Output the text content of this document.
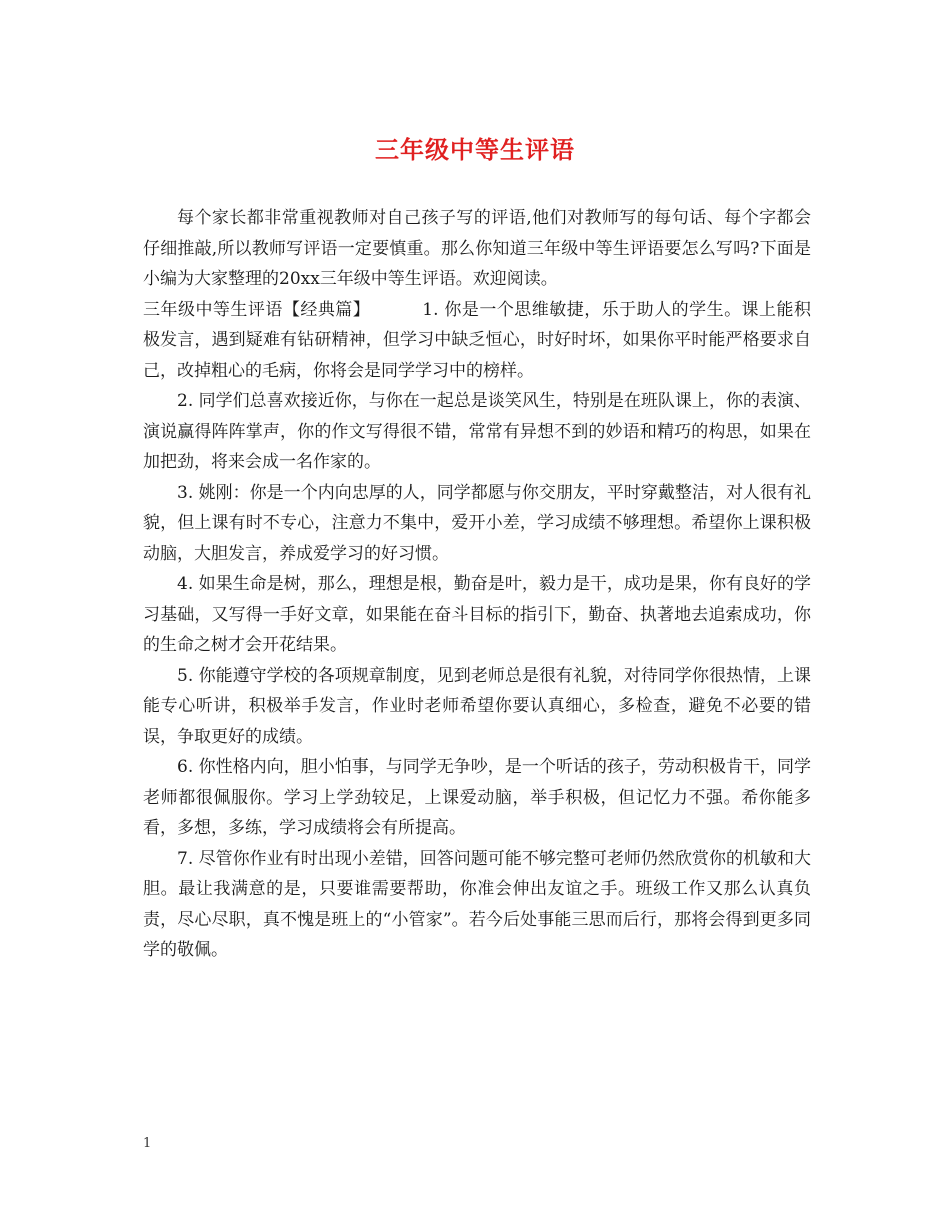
三年级中等生评语

每个家长都非常重视教师对自己孩子写的评语,他们对教师写的每句话、每个字都会仔细推敲,所以教师写评语一定要慎重。那么你知道三年级中等生评语要怎么写吗?下面是小编为大家整理的20xx三年级中等生评语。欢迎阅读。

三年级中等生评语【经典篇】	1. 你是一个思维敏捷，乐于助人的学生。课上能积极发言，遇到疑难有钻研精神，但学习中缺乏恒心，时好时坏，如果你平时能严格要求自己，改掉粗心的毛病，你将会是同学学习中的榜样。

2. 同学们总喜欢接近你，与你在一起总是谈笑风生，特别是在班队课上，你的表演、演说赢得阵阵掌声，你的作文写得很不错，常常有异想不到的妙语和精巧的构思，如果在加把劲，将来会成一名作家的。

3. 姚刚：你是一个内向忠厚的人，同学都愿与你交朋友，平时穿戴整洁，对人很有礼貌，但上课有时不专心，注意力不集中，爱开小差，学习成绩不够理想。希望你上课积极动脑，大胆发言，养成爱学习的好习惯。

4. 如果生命是树，那么，理想是根，勤奋是叶，毅力是干，成功是果，你有良好的学习基础，又写得一手好文章，如果能在奋斗目标的指引下，勤奋、执著地去追索成功，你的生命之树才会开花结果。

5. 你能遵守学校的各项规章制度，见到老师总是很有礼貌，对待同学你很热情，上课能专心听讲，积极举手发言，作业时老师希望你要认真细心，多检查，避免不必要的错误，争取更好的成绩。

6. 你性格内向，胆小怕事，与同学无争吵，是一个听话的孩子，劳动积极肯干，同学老师都很佩服你。学习上学劲较足，上课爱动脑，举手积极，但记忆力不强。希你能多看，多想，多练，学习成绩将会有所提高。

7. 尽管你作业有时出现小差错，回答问题可能不够完整可老师仍然欣赏你的机敏和大胆。最让我满意的是，只要谁需要帮助，你准会伸出友谊之手。班级工作又那么认真负责，尽心尽职，真不愧是班上的“小管家”。若今后处事能三思而后行，那将会得到更多同学的敬佩。

1
